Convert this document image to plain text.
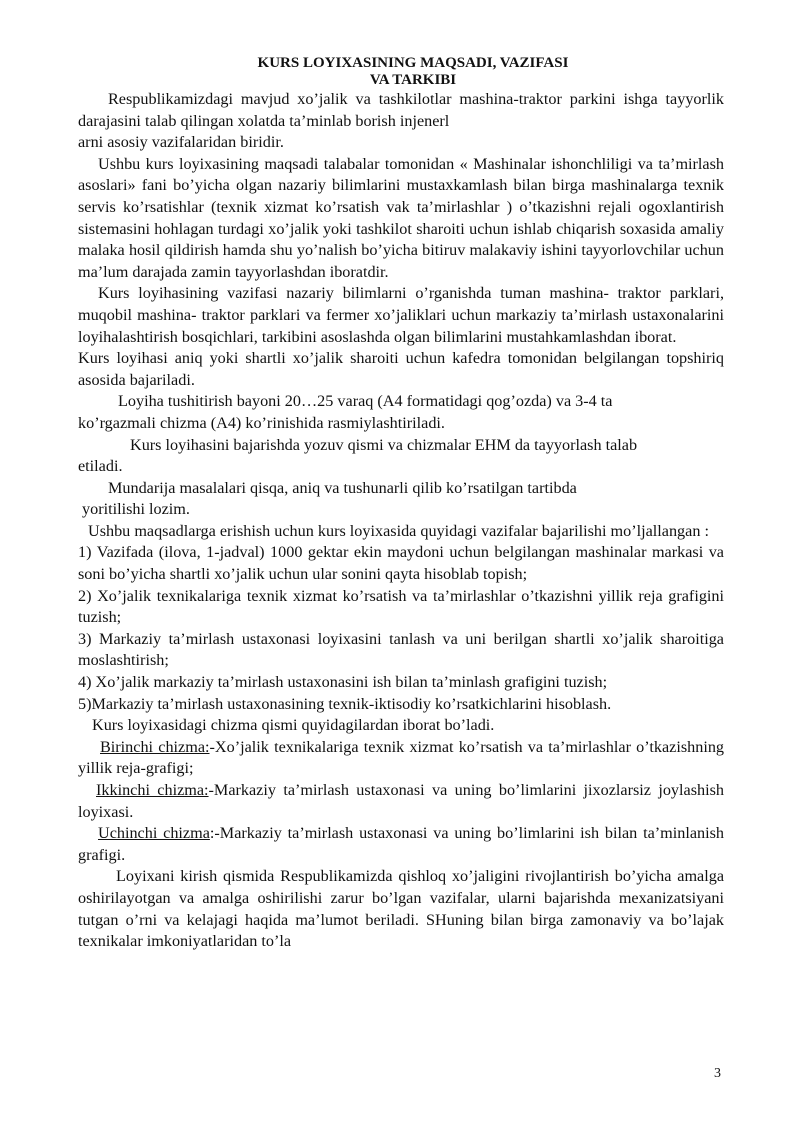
KURS LOYIXASINING MAQSADI, VAZIFASI
VA TARKIBI

Respublikamizdagi mavjud xo’jalik va tashkilotlar mashina-traktor parkini ishga tayyorlik darajasini talab qilingan xolatda ta’minlab borish injenerl

arni asosiy vazifalaridan biridir.

Ushbu kurs loyixasining maqsadi talabalar tomonidan « Mashinalar ishonchliligi va ta’mirlash asoslari» fani bo’yicha olgan nazariy bilimlarini mustaxkamlash bilan birga mashinalarga texnik servis ko’rsatishlar (texnik xizmat ko’rsatish vak ta’mirlashlar ) o’tkazishni rejali ogoxlantirish sistemasini hohlagan turdagi xo’jalik yoki tashkilot sharoiti uchun ishlab chiqarish soxasida amaliy malaka hosil qildirish hamda shu yo’nalish bo’yicha bitiruv malakaviy ishini tayyorlovchilar uchun ma’lum darajada zamin tayyorlashdan iboratdir.

Kurs loyihasining vazifasi nazariy bilimlarni o’rganishda tuman mashina- traktor parklari, muqobil mashina- traktor parklari va fermer xo’jaliklari uchun markaziy ta’mirlash ustaxonalarini loyihalashtirish bosqichlari, tarkibini asoslashda olgan bilimlarini mustahkamlashdan iborat.

Kurs loyihasi aniq yoki shartli xo’jalik sharoiti uchun kafedra tomonidan belgilangan topshiriq asosida bajariladi.

Loyiha tushitirish bayoni 20…25 varaq (A4 formatidagi qog’ozda) va 3-4 ta

ko’rgazmali chizma (A4) ko’rinishida rasmiylashtiriladi.

Kurs loyihasini bajarishda yozuv qismi va chizmalar EHM da tayyorlash talab

etiladi.

Mundarija masalalari qisqa, aniq va tushunarli qilib ko’rsatilgan tartibda

yoritilishi lozim.

Ushbu maqsadlarga erishish uchun kurs loyixasida quyidagi vazifalar bajarilishi mo’ljallangan :

1) Vazifada (ilova, 1-jadval) 1000 gektar ekin maydoni uchun belgilangan mashinalar markasi va soni bo’yicha shartli xo’jalik uchun ular sonini qayta hisoblab topish;

2) Xo’jalik texnikalariga texnik xizmat ko’rsatish va ta’mirlashlar o’tkazishni yillik reja grafigini tuzish;

3) Markaziy ta’mirlash ustaxonasi loyixasini tanlash va uni berilgan shartli xo’jalik sharoitiga moslashtirish;

4) Xo’jalik markaziy ta’mirlash ustaxonasini ish bilan ta’minlash grafigini tuzish;

5)Markaziy ta’mirlash ustaxonasining texnik-iktisodiy ko’rsatkichlarini hisoblash.

Kurs loyixasidagi chizma qismi quyidagilardan iborat bo’ladi.

Birinchi chizma:-Xo’jalik texnikalariga texnik xizmat ko’rsatish va ta’mirlashlar o’tkazishning yillik reja-grafigi;

Ikkinchi chizma:-Markaziy ta’mirlash ustaxonasi va uning bo’limlarini jixozlarsiz joylashish loyixasi.

Uchinchi chizma:-Markaziy ta’mirlash ustaxonasi va uning bo’limlarini ish bilan ta’minlanish grafigi.

Loyixani kirish qismida Respublikamizda qishloq xo’jaligini rivojlantirish bo’yicha amalga oshirilayotgan va amalga oshirilishi zarur bo’lgan vazifalar, ularni bajarishda mexanizatsiyani tutgan o’rni va kelajagi haqida ma’lumot beriladi. SHuning bilan birga zamonaviy va bo’lajak texnikalar imkoniyatlaridan to’la

3
